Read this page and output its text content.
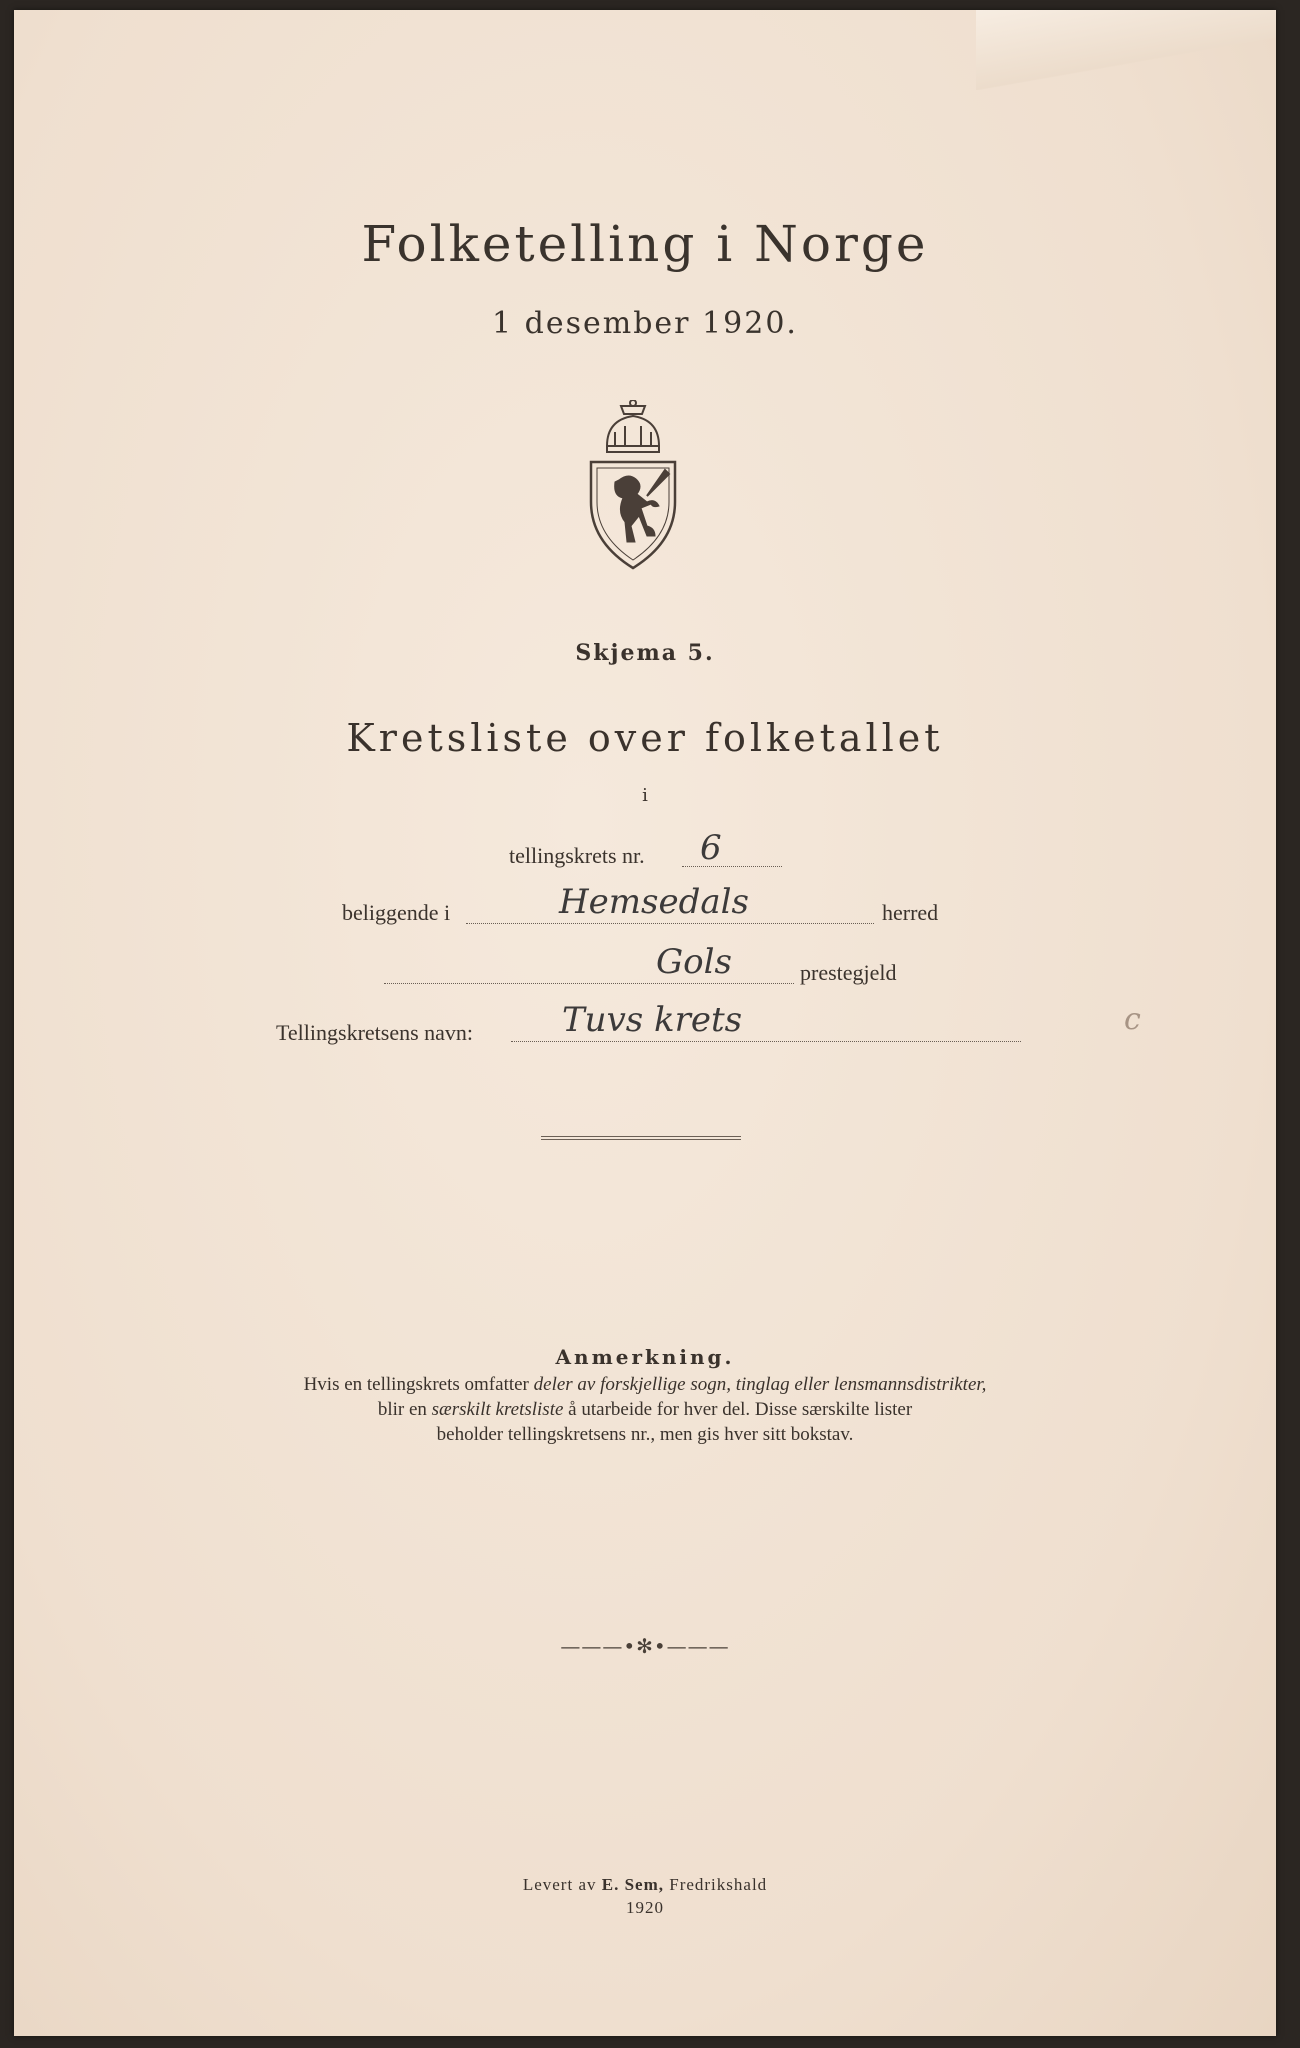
Folketelling i Norge
1 desember 1920.
Skjema 5.
Kretsliste over folketallet
i
tellingskrets nr. 6
beliggende i	Hemsedals	herred
Gols	prestegjeld
Tellingskretsens navn:	Tuvs krets	c
Anmerkning.
Hvis en tellingskrets omfatter deler av forskjellige sogn, tinglag eller lensmannsdistrikter,
blir en særskilt kretsliste å utarbeide for hver del. Disse særskilte lister
beholder tellingskretsens nr., men gis hver sitt bokstav.
———•✻•———
Levert av E. Sem, Fredrikshald
1920
